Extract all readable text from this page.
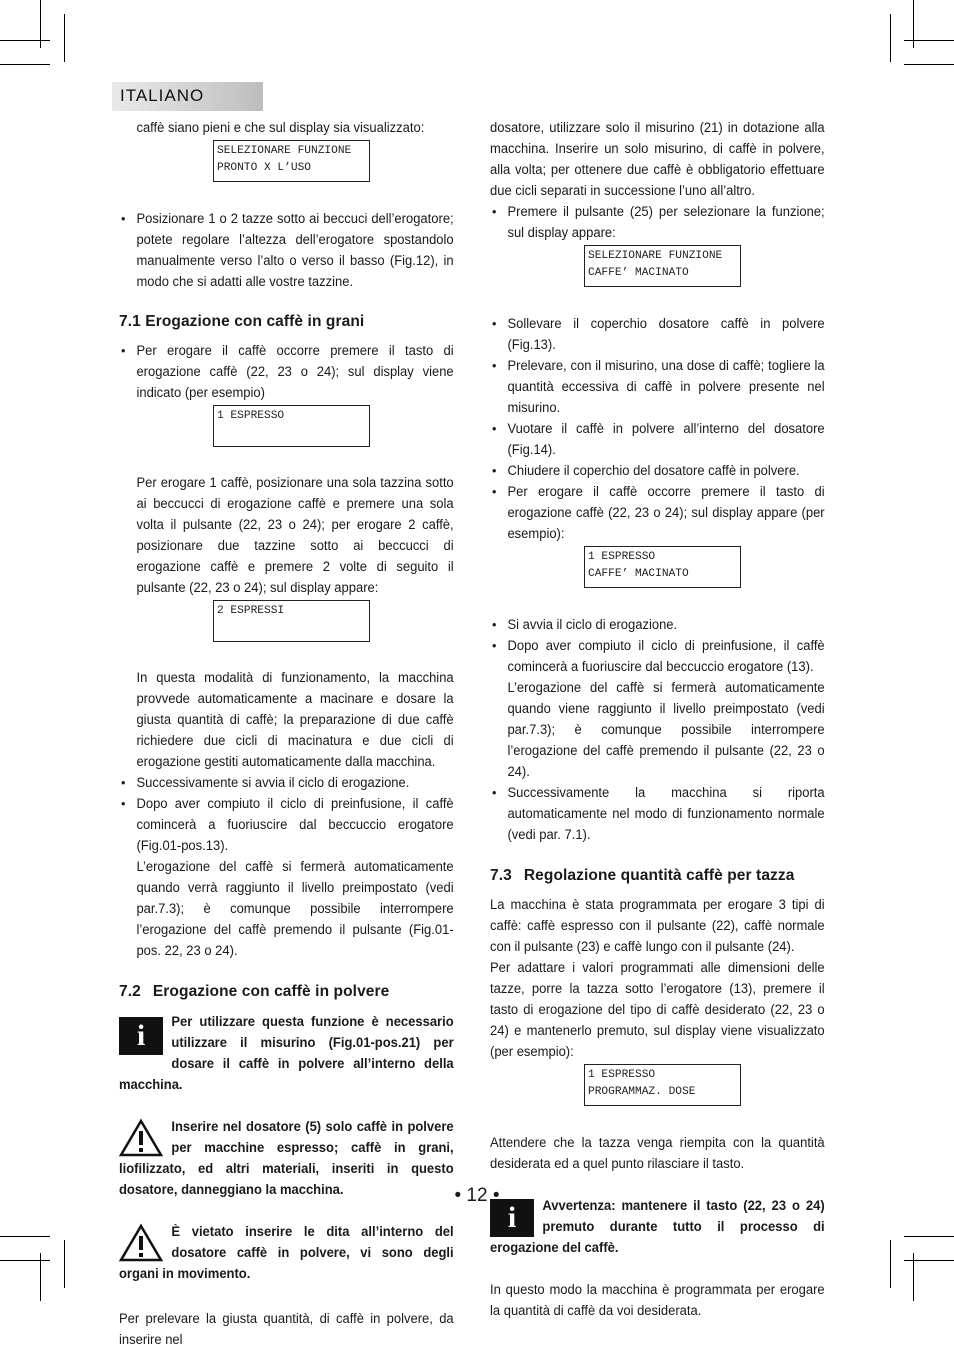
ITALIANO

caffè siano pieni e che sul display sia visualizzato:

SELEZIONARE FUNZIONE
PRONTO X L’USO

• Posizionare 1 o 2 tazze sotto ai beccuci dell’erogatore; potete regolare l’altezza dell’erogatore spostandolo manualmente verso l’alto o verso il basso (Fig.12), in modo che si adatti alle vostre tazzine.

7.1 Erogazione con caffè in grani

• Per erogare il caffè occorre premere il tasto di erogazione caffè (22, 23 o 24); sul display viene indicato (per esempio)

1 ESPRESSO

Per erogare 1 caffè, posizionare una sola tazzina sotto ai beccucci di erogazione caffè e premere una sola volta il pulsante (22, 23 o 24); per erogare 2 caffè, posizionare due tazzine sotto ai beccucci di erogazione caffè e premere 2 volte di seguito il pulsante (22, 23 o 24); sul display appare:

2 ESPRESSI

In questa modalità di funzionamento, la macchina provvede automaticamente a macinare e dosare la giusta quantità di caffè; la preparazione di due caffè richiedere due cicli di macinatura e due cicli di erogazione gestiti automaticamente dalla macchina.

• Successivamente si avvia il ciclo di erogazione.

• Dopo aver compiuto il ciclo di preinfusione, il caffè comincerà a fuoriuscire dal beccuccio erogatore (Fig.01-pos.13).

L’erogazione del caffè si fermerà automaticamente quando verrà raggiunto il livello preimpostato (vedi par.7.3); è comunque possibile interrompere l’erogazione del caffè premendo il pulsante (Fig.01-pos. 22, 23 o 24).

7.2 Erogazione con caffè in polvere
i	Per utilizzare questa funzione è necessario utilizzare il misurino (Fig.01-pos.21) per dosare il caffè in polvere all’interno della macchina.

Inserire nel dosatore (5) solo caffè in polvere per macchine espresso; caffè in grani, liofilizzato, ed altri materiali, inseriti in questo dosatore, danneggiano la macchina.

È vietato inserire le dita all’interno del dosatore caffè in polvere, vi sono degli organi in movimento.

Per prelevare la giusta quantità, di caffè in polvere, da inserire nel

dosatore, utilizzare solo il misurino (21) in dotazione alla macchina. Inserire un solo misurino, di caffè in polvere, alla volta; per ottenere due caffè è obbligatorio effettuare due cicli separati in successione l’uno all’altro.

• Premere il pulsante (25) per selezionare la funzione; sul display appare:

SELEZIONARE FUNZIONE
CAFFE’ MACINATO

• Sollevare il coperchio dosatore caffè in polvere (Fig.13).

• Prelevare, con il misurino, una dose di caffè; togliere la quantità eccessiva di caffè in polvere presente nel misurino.

• Vuotare il caffè in polvere all’interno del dosatore (Fig.14).

• Chiudere il coperchio del dosatore caffè in polvere.

• Per erogare il caffè occorre premere il tasto di erogazione caffè (22, 23 o 24); sul display appare (per esempio):

1 ESPRESSO
CAFFE’ MACINATO

• Si avvia il ciclo di erogazione.

• Dopo aver compiuto il ciclo di preinfusione, il caffè comincerà a fuoriuscire dal beccuccio erogatore (13).

L’erogazione del caffè si fermerà automaticamente quando viene raggiunto il livello preimpostato (vedi par.7.3); è comunque possibile interrompere l’erogazione del caffè premendo il pulsante (22, 23 o 24).

• Successivamente la macchina si riporta automaticamente nel modo di funzionamento normale (vedi par. 7.1).

7.3 Regolazione quantità caffè per tazza

La macchina è stata programmata per erogare 3 tipi di caffè: caffè espresso con il pulsante (22), caffè normale con il pulsante (23) e caffè lungo con il pulsante (24).

Per adattare i valori programmati alle dimensioni delle tazze, porre la tazza sotto l’erogatore (13), premere il tasto di erogazione del tipo di caffè desiderato (22, 23 o 24) e mantenerlo premuto, sul display viene visualizzato (per esempio):

1 ESPRESSO
PROGRAMMAZ. DOSE

Attendere che la tazza venga riempita con la quantità desiderata ed a quel punto rilasciare il tasto.

i	Avvertenza: mantenere il tasto (22, 23 o 24) premuto durante tutto il processo di erogazione del caffè.

In questo modo la macchina è programmata per erogare la quantità di caffè da voi desiderata.

• 12 •
